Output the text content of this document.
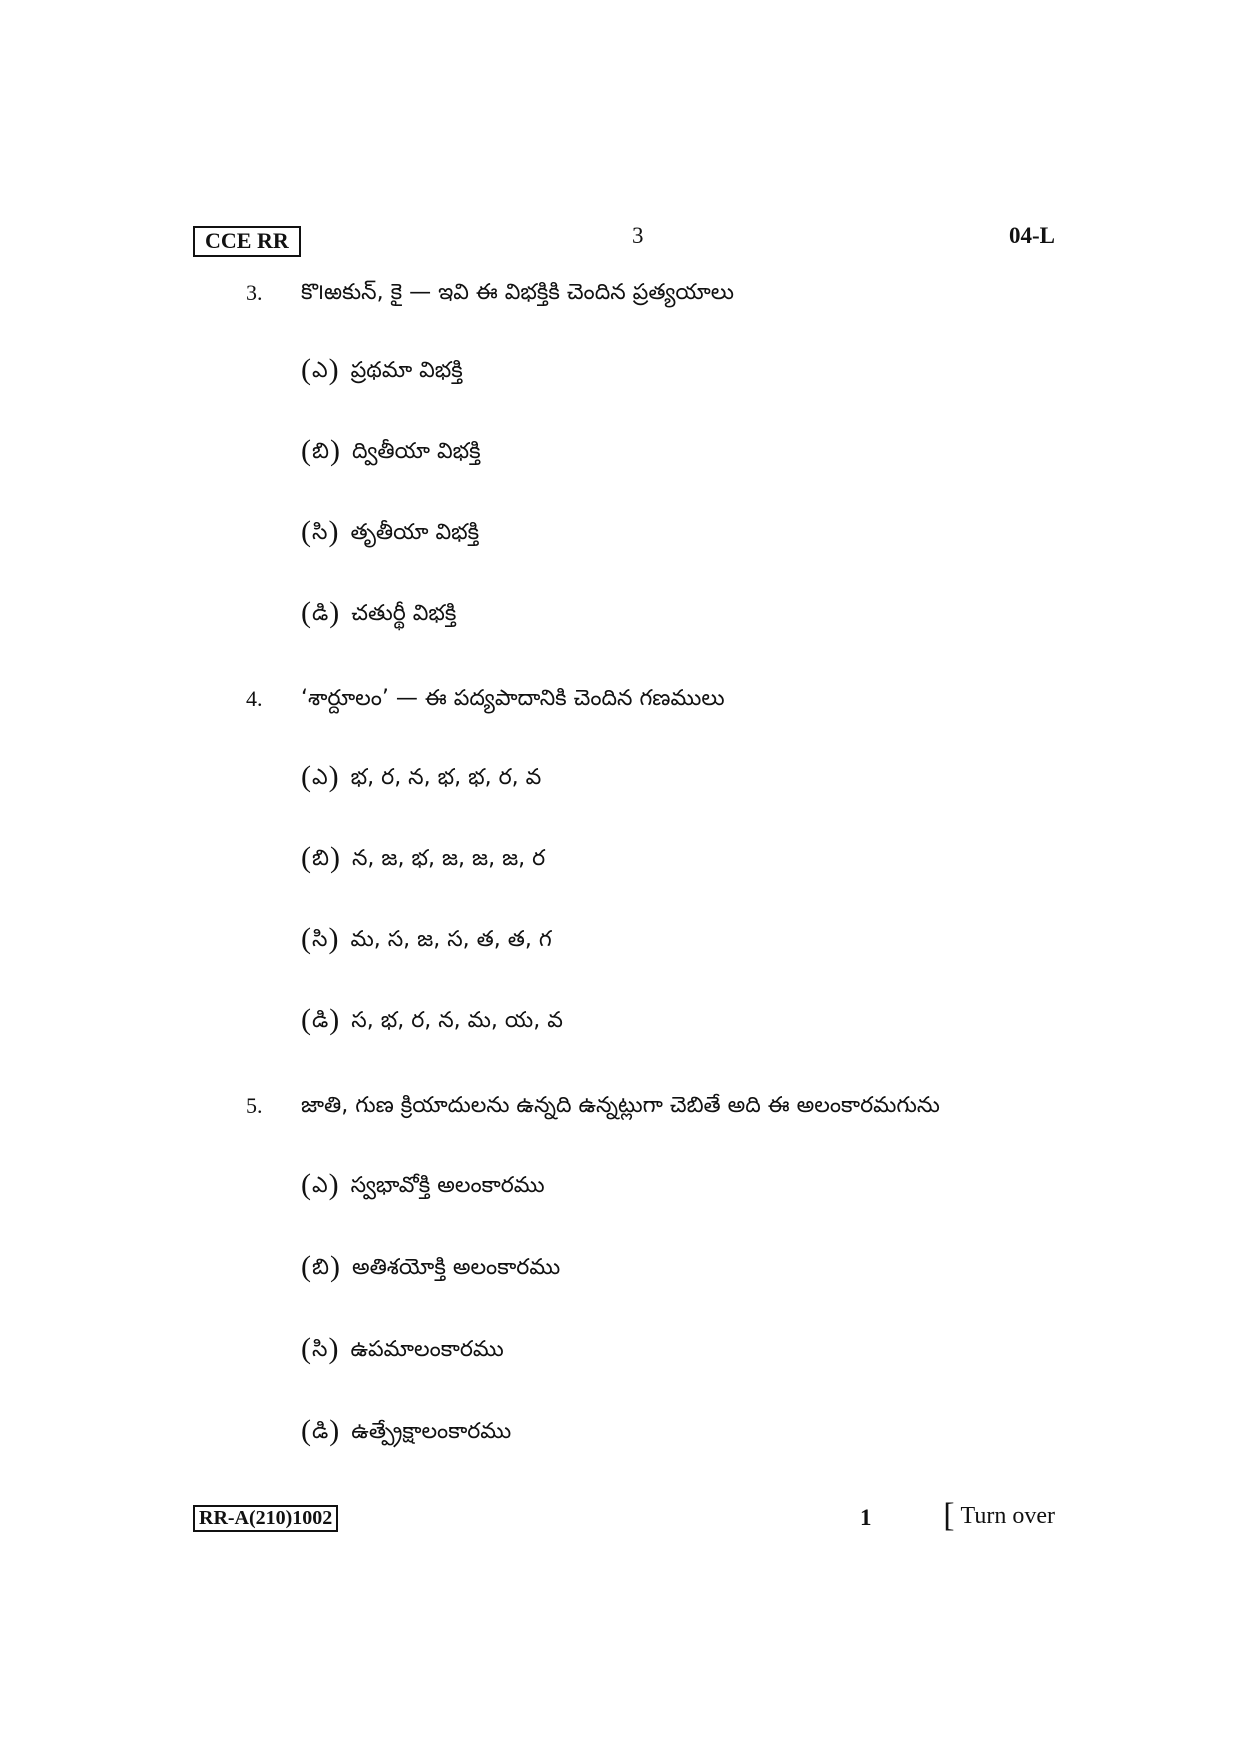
CCE RR	3	04-L
3. కొ౹ఱకున్, కై — ఇవి ఈ విభక్తికి చెందిన ప్రత్యయాలు
(ఎ) ప్రథమా విభక్తి
(బి) ద్వితీయా విభక్తి
(సి) తృతీయా విభక్తి
(డి) చతుర్థీ విభక్తి
4. ‘శార్దూలం’ — ఈ పద్యపాదానికి చెందిన గణములు
(ఎ) భ, ర, న, భ, భ, ర, వ
(బి) న, జ, భ, జ, జ, జ, ర
(సి) మ, స, జ, స, త, త, గ
(డి) స, భ, ర, న, మ, య, వ
5. జాతి, గుణ క్రియాదులను ఉన్నది ఉన్నట్లుగా చెబితే అది ఈ అలంకారమగును
(ఎ) స్వభావోక్తి అలంకారము
(బి) అతిశయోక్తి అలంకారము
(సి) ఉపమాలంకారము
(డి) ఉత్ప్రేక్షాలంకారము
RR-A(210)1002	1 [ Turn over
